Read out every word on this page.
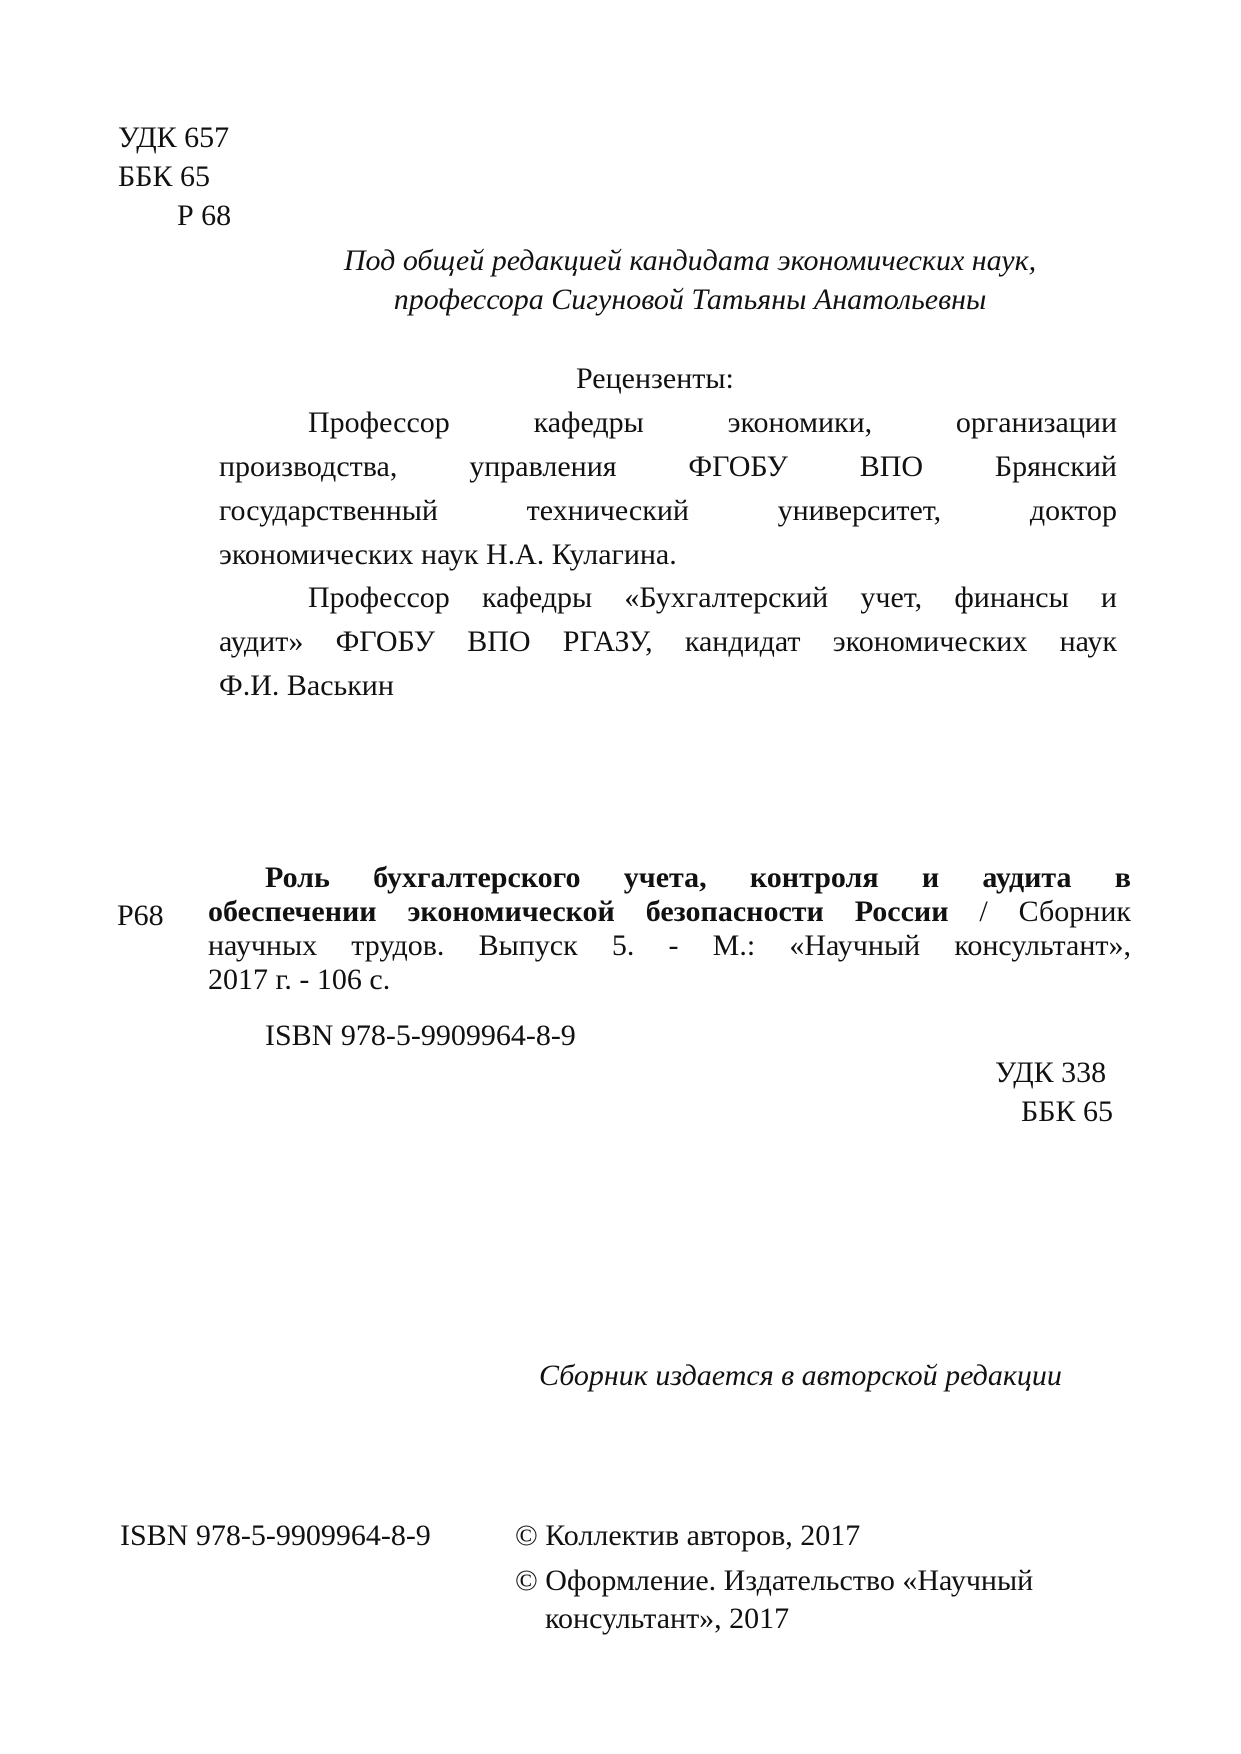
УДК 657
ББК 65
Р 68
Под общей редакцией кандидата экономических наук,
профессора Сигуновой Татьяны Анатольевны
Рецензенты:
Профессор кафедры экономики, организации
производства, управления ФГОБУ ВПО Брянский
государственный технический университет, доктор
экономических наук Н.А. Кулагина.
Профессор кафедры «Бухгалтерский учет, финансы и
аудит» ФГОБУ ВПО РГАЗУ, кандидат экономических наук
Ф.И. Васькин
Р68
Роль бухгалтерского учета, контроля и аудита в
обеспечении экономической безопасности России / Сборник
научных трудов. Выпуск 5. - М.: «Научный консультант»,
2017 г. - 106 с.
ISBN 978-5-9909964-8-9
УДК 338
ББК 65
Сборник издается в авторской редакции
ISBN 978-5-9909964-8-9	© Коллектив авторов, 2017
© Оформление. Издательство «Научный
консультант», 2017
